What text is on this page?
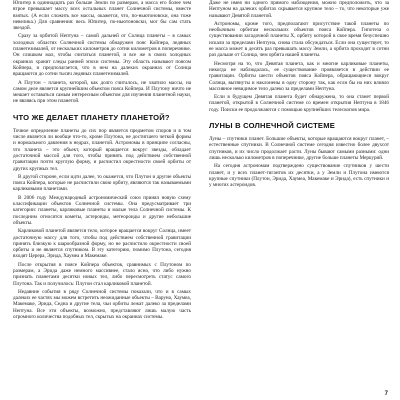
Юпитер в одиннадцать раз больше Земли по размерам, а масса его более чем втрое превышает массу всех остальных планет Солнечной системы, вместе взятых. (А если сложить все массы, окажется, что, по-ньютоновски, она тоже невелика.) Для сравнения: весь Юпитер, по-ньютоновски, мог бы сам стать звездой.

Сразу за орбитой Нептуна – самой дальней от Солнца планеты – в самых холодных областях Солнечной системы обнаружен пояс Койпера, ледяных планетезималей, от нескольких километров до сотни километров в поперечнике. Он слишком мал, чтобы считаться планетой, и все же в своих холодных окраинах хранит следы ранней эпохи системы. Эту область называют поясом Койпера, и предполагается, что в нем на далеких окраинах от Солнца вращаются до сотни тысяч ледяных планетезималей.

А Плутон – планета, которой, как долго считалось, не хватило массы, на самом деле является крупнейшим объектом пояса Койпера. И Плутону ничто не мешает оставаться самым интересным объектом для изучения планетной науки, не являясь при этом планетой.

ЧТО ЖЕ ДЕЛАЕТ ПЛАНЕТУ ПЛАНЕТОЙ?

Точное определение планеты до сих пор является предметом споров и в том числе является ли вообще что-то, кроме Плутона, не достигшего четкой формы и нормального давления в недрах, планетой. Астрономы в принципе согласны, что планета – это объект, который вращается вокруг звезды, обладает достаточной массой для того, чтобы принять под действием собственной гравитации почти круглую форму, и расчистил окрестности своей орбиты от других крупных тел.

В другой стороне, если идти далее, то окажется, что Плутон и другие объекты пояса Койпера, которые не расчистили свою орбиту, являются так называемыми карликовыми планетами.

В 2006 году Международный астрономический союз принял новую схему классификации объектов Солнечной системы. Она предусматривает три категории: планеты, карликовые планеты и малые тела Солнечной системы. К последним относятся кометы, астероиды, метеороиды и другие небольшие объекты.

Карликовой планетой является тело, которое вращается вокруг Солнца, имеет достаточную массу для того, чтобы под действием собственной гравитации принять близкую к шарообразной форму, но не расчистило окрестности своей орбиты и не является спутником. В эту категорию, помимо Плутона, сегодня входят Церера, Эрида, Хаумеа и Макемаке.

После открытия в поясе Койпера объектов, сравнимых с Плутоном по размерам, а Эрида даже немного массивнее, стало ясно, что либо нужно признать планетами десятки новых тел, либо пересмотреть статус самого Плутона. Так и получилось: Плутон стал карликовой планетой.

Недавние события в ряду Солнечной системы показали, что и в самых далеких ее частях мы можем встретить неожиданные объекты – Варуна, Хаумеа, Макемаке, Эрида, Седна и другие тела, чьи орбиты лежат далеко за пределами Нептуна. Все эти объекты, возможно, представляют лишь малую часть огромного количества подобных тел, скрытых на окраинах системы.

Даже не имея ни одного прямого наблюдения, можно предположить, что за Нептуном на далеких орбитах скрывается крупное тело – то, что некоторые уже называют Девятой планетой.

Астрономы, кроме того, предполагают присутствие такой планеты по необычным орбитам нескольких объектов пояса Койпера. Гипотеза о существовании загадочной планеты X, орбиту которой в свое время безуспешно искали за пределами Нептуна, снова стала обсуждаться. Если она существует, то ее масса может в десять раз превышать массу Земли, а орбита проходит в сотни раз дальше от Солнца, чем орбита нашей планеты.

Несмотря на то, что Девятая планета, как и многие карликовые планеты, никогда не наблюдалась, ее существование проявляется в действии ее гравитации. Орбиты шести объектов пояса Койпера, обращающиеся вокруг Солнца, вытянуты и наклонены в одну сторону так, как если бы на них влияло массивное невидимое тело далеко за пределами Нептуна.

Если в будущем Девятая планета будет обнаружена, то она станет первой планетой, открытой в Солнечной системе со времен открытия Нептуна в 1846 году. Поиски ее продолжаются с помощью крупнейших телескопов мира.

ЛУНЫ В СОЛНЕЧНОЙ СИСТЕМЕ

Луны – спутники планет. Большие объекты, которые вращаются вокруг планет, – естественные спутники. В Солнечной системе сегодня известно более двухсот спутников, и их число продолжает расти. Луны бывают самыми разными: одни лишь несколько километров в поперечнике, другие больше планеты Меркурий.

На сегодня астрономам подтверждено существование спутников у шести планет, и у всех планет-гигантов их десятки, а у Земли и Плутона имеются крупные спутники (Плутон, Эрида, Хаумеа, Макемаке и Эрида), есть спутники и у многих астероидов.

7
